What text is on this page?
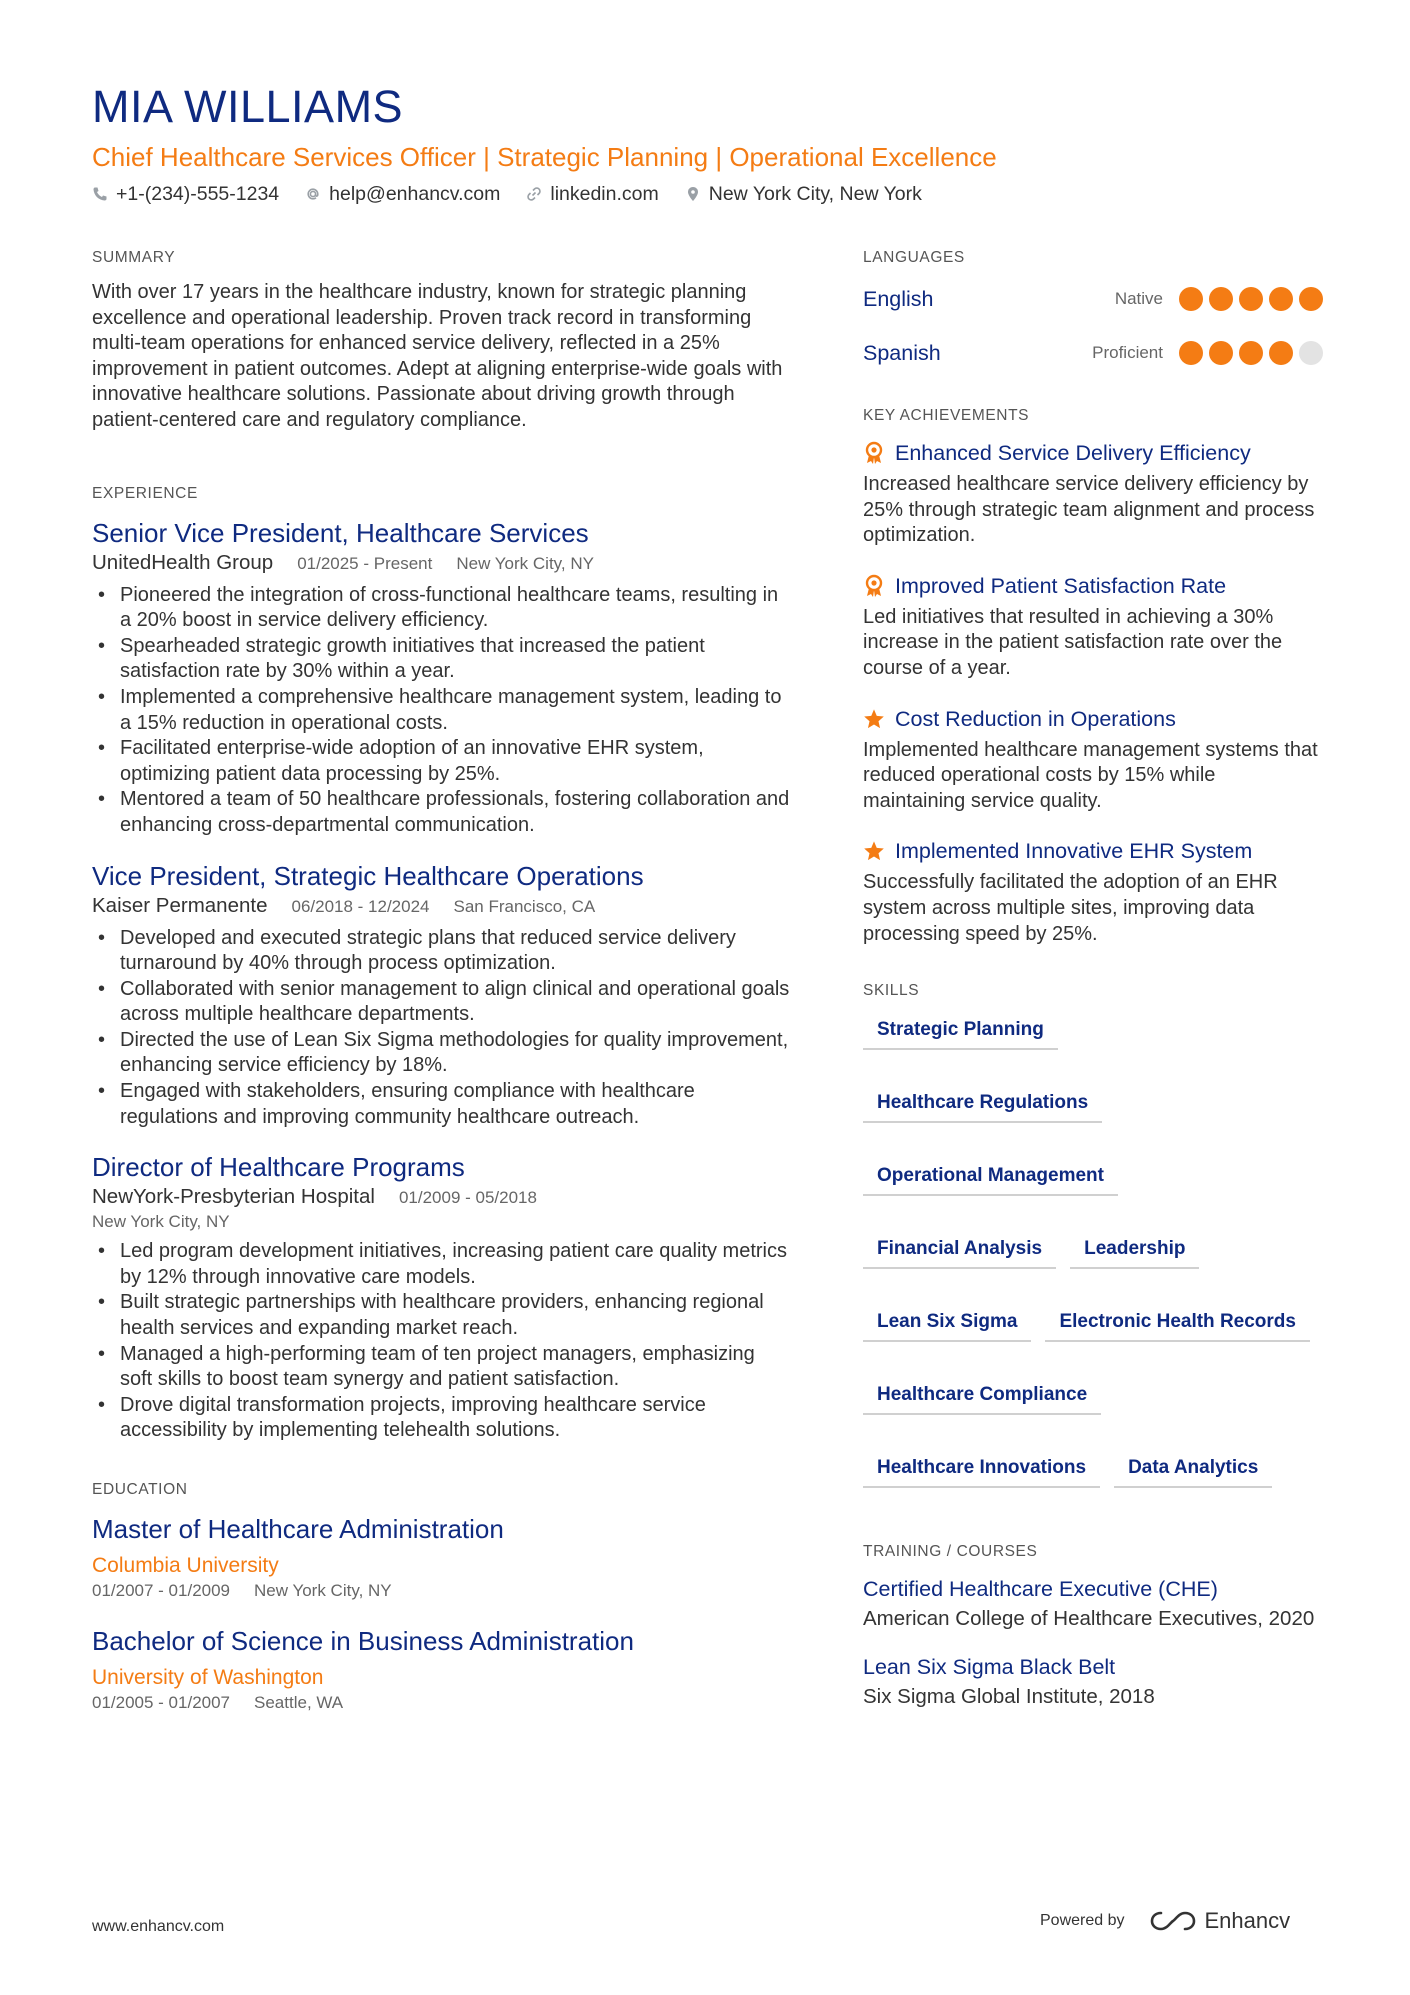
MIA WILLIAMS
Chief Healthcare Services Officer | Strategic Planning | Operational Excellence
+1-(234)-555-1234	help@enhancv.com	linkedin.com	New York City, New York
SUMMARY

With over 17 years in the healthcare industry, known for strategic planning excellence and operational leadership. Proven track record in transforming multi-team operations for enhanced service delivery, reflected in a 25% improvement in patient outcomes. Adept at aligning enterprise-wide goals with innovative healthcare solutions. Passionate about driving growth through patient-centered care and regulatory compliance.

EXPERIENCE
Senior Vice President, Healthcare Services
UnitedHealth Group 01/2025 - Present New York City, NY
• Pioneered the integration of cross-functional healthcare teams, resulting in a 20% boost in service delivery efficiency.
• Spearheaded strategic growth initiatives that increased the patient satisfaction rate by 30% within a year.
• Implemented a comprehensive healthcare management system, leading to a 15% reduction in operational costs.
• Facilitated enterprise-wide adoption of an innovative EHR system, optimizing patient data processing by 25%.
• Mentored a team of 50 healthcare professionals, fostering collaboration and enhancing cross-departmental communication.
Vice President, Strategic Healthcare Operations
Kaiser Permanente 06/2018 - 12/2024 San Francisco, CA
• Developed and executed strategic plans that reduced service delivery turnaround by 40% through process optimization.
• Collaborated with senior management to align clinical and operational goals across multiple healthcare departments.
• Directed the use of Lean Six Sigma methodologies for quality improvement, enhancing service efficiency by 18%.
• Engaged with stakeholders, ensuring compliance with healthcare regulations and improving community healthcare outreach.
Director of Healthcare Programs
NewYork-Presbyterian Hospital 01/2009 - 05/2018
New York City, NY
• Led program development initiatives, increasing patient care quality metrics by 12% through innovative care models.
• Built strategic partnerships with healthcare providers, enhancing regional health services and expanding market reach.
• Managed a high-performing team of ten project managers, emphasizing soft skills to boost team synergy and patient satisfaction.
• Drove digital transformation projects, improving healthcare service accessibility by implementing telehealth solutions.
EDUCATION
Master of Healthcare Administration
Columbia University
01/2007 - 01/2009 New York City, NY
Bachelor of Science in Business Administration
University of Washington
01/2005 - 01/2007 Seattle, WA
LANGUAGES
English	Native
Spanish	Proficient
KEY ACHIEVEMENTS
Enhanced Service Delivery Efficiency
Increased healthcare service delivery efficiency by 25% through strategic team alignment and process optimization.
Improved Patient Satisfaction Rate
Led initiatives that resulted in achieving a 30% increase in the patient satisfaction rate over the course of a year.
Cost Reduction in Operations
Implemented healthcare management systems that reduced operational costs by 15% while maintaining service quality.
Implemented Innovative EHR System
Successfully facilitated the adoption of an EHR system across multiple sites, improving data processing speed by 25%.
SKILLS
Strategic Planning
Healthcare Regulations
Operational Management
Financial Analysis	Leadership
Lean Six Sigma	Electronic Health Records
Healthcare Compliance
Healthcare Innovations	Data Analytics
TRAINING / COURSES
Certified Healthcare Executive (CHE)
American College of Healthcare Executives, 2020
Lean Six Sigma Black Belt
Six Sigma Global Institute, 2018
www.enhancv.com	Powered by	Enhancv
